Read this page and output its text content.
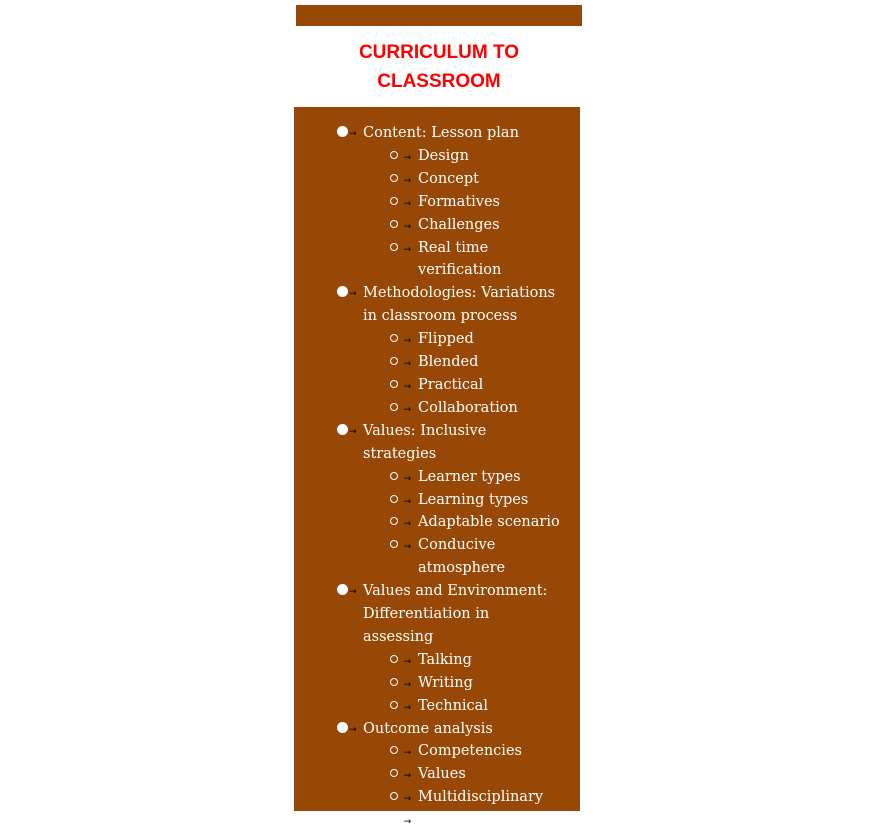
CURRICULUM TO
CLASSROOM
→ Content: Lesson plan
→ Design
→ Concept
→ Formatives
→ Challenges
→ Real time verification
→ Methodologies: Variations in classroom process
→ Flipped
→ Blended
→ Practical
→ Collaboration
→ Values: Inclusive strategies
→ Learner types
→ Learning types
→ Adaptable scenario
→ Conducive atmosphere
→ Values and Environment: Differentiation in assessing
→ Talking
→ Writing
→ Technical
→ Outcome analysis
→ Competencies
→ Values
→ Multidisciplinary
→ Projects
